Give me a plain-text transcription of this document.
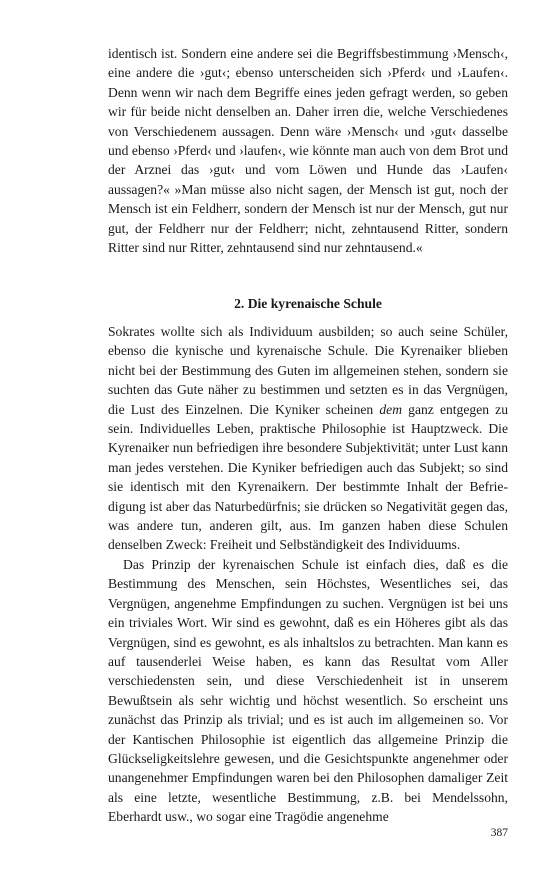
identisch ist. Sondern eine andere sei die Begriffsbestimmung ›Mensch‹, eine andere die ›gut‹; ebenso unterscheiden sich ›Pferd‹ und ›Laufen‹. Denn wenn wir nach dem Begriffe eines jeden gefragt werden, so geben wir für beide nicht denselben an. Daher irren die, welche Verschiedenes von Verschiedenem aussagen. Denn wäre ›Mensch‹ und ›gut‹ dasselbe und ebenso ›Pferd‹ und ›laufen‹, wie könnte man auch von dem Brot und der Arznei das ›gut‹ und vom Löwen und Hunde das ›Laufen‹ aussagen?« »Man müsse also nicht sagen, der Mensch ist gut, noch der Mensch ist ein Feldherr, sondern der Mensch ist nur der Mensch, gut nur gut, der Feldherr nur der Feldherr; nicht, zehntausend Ritter, sondern Ritter sind nur Ritter, zehntausend sind nur zehntausend.«

2. Die kyrenaische Schule

Sokrates wollte sich als Individuum ausbilden; so auch seine Schüler, ebenso die kynische und kyrenaische Schule. Die Kyrenaiker blieben nicht bei der Bestimmung des Guten im allgemeinen stehen, sondern sie suchten das Gute näher zu bestimmen und setzten es in das Vergnügen, die Lust des Einzelnen. Die Kyniker scheinen dem ganz entgegen zu sein. Individuelles Leben, praktische Philosophie ist Hauptzweck. Die Kyrenaiker nun befriedigen ihre besondere Subjektivität; unter Lust kann man jedes verstehen. Die Kyniker befriedigen auch das Subjekt; so sind sie identisch mit den Kyrenaikern. Der bestimmte Inhalt der Befriedigung ist aber das Naturbedürfnis; sie drücken so Negativität gegen das, was andere tun, anderen gilt, aus. Im ganzen haben diese Schulen denselben Zweck: Freiheit und Selbständigkeit des Individuums.

Das Prinzip der kyrenaischen Schule ist einfach dies, daß es die Bestimmung des Menschen, sein Höchstes, Wesentliches sei, das Vergnügen, angenehme Empfindungen zu suchen. Vergnügen ist bei uns ein triviales Wort. Wir sind es gewohnt, daß es ein Höheres gibt als das Vergnügen, sind es gewohnt, es als inhaltslos zu betrachten. Man kann es auf tausenderlei Weise haben, es kann das Resultat vom Aller verschiedensten sein, und diese Verschiedenheit ist in unserem Bewußtsein als sehr wichtig und höchst wesentlich. So erscheint uns zunächst das Prinzip als trivial; und es ist auch im allgemeinen so. Vor der Kantischen Philosophie ist eigentlich das allgemeine Prinzip die Glückseligkeitslehre gewesen, und die Gesichtspunkte angenehmer oder unangenehmer Empfindungen waren bei den Philosophen damaliger Zeit als eine letzte, wesentliche Bestimmung, z.B. bei Mendelssohn, Eberhardt usw., wo sogar eine Tragödie angenehme

387
